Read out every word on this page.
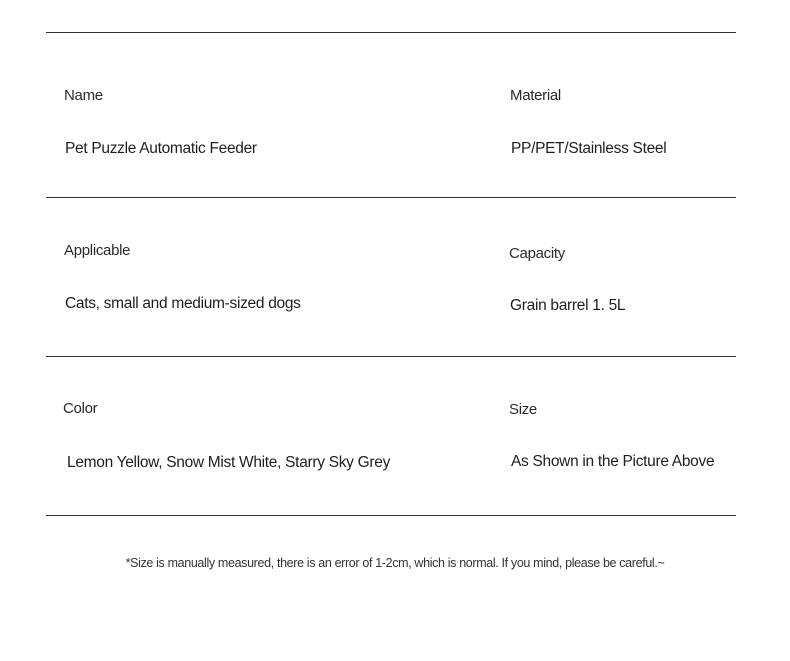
Name
Pet Puzzle Automatic Feeder
Material
PP/PET/Stainless Steel
Applicable
Cats, small and medium-sized dogs
Capacity
Grain barrel 1. 5L
Color
Lemon Yellow, Snow Mist White, Starry Sky Grey
Size
As Shown in the Picture Above
*Size is manually measured, there is an error of 1-2cm, which is normal. If you mind, please be careful.~
